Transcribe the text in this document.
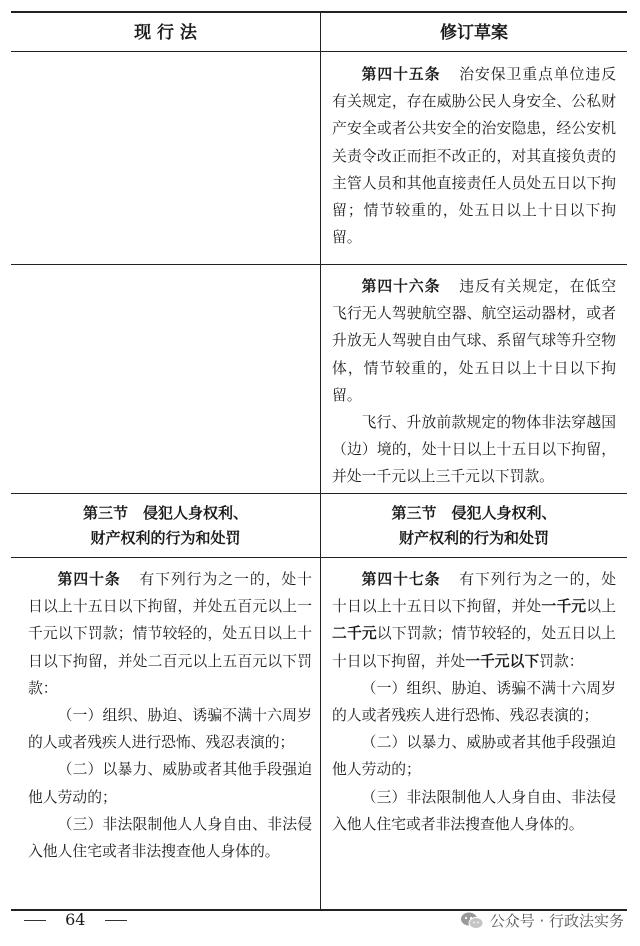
现 行 法	修订草案

第四十五条 治安保卫重点单位违反有关规定，存在威胁公民人身安全、公私财产安全或者公共安全的治安隐患，经公安机关责令改正而拒不改正的，对其直接负责的主管人员和其他直接责任人员处五日以下拘留；情节较重的，处五日以上十日以下拘留。

第四十六条 违反有关规定，在低空飞行无人驾驶航空器、航空运动器材，或者升放无人驾驶自由气球、系留气球等升空物体，情节较重的，处五日以上十日以下拘留。

飞行、升放前款规定的物体非法穿越国（边）境的，处十日以上十五日以下拘留，并处一千元以上三千元以下罚款。

第三节　侵犯人身权利、
财产权利的行为和处罚
第三节　侵犯人身权利、
财产权利的行为和处罚

第四十条 有下列行为之一的，处十日以上十五日以下拘留，并处五百元以上一千元以下罚款；情节较轻的，处五日以上十日以下拘留，并处二百元以上五百元以下罚款：

（一）组织、胁迫、诱骗不满十六周岁的人或者残疾人进行恐怖、残忍表演的；

（二）以暴力、威胁或者其他手段强迫他人劳动的；

（三）非法限制他人人身自由、非法侵入他人住宅或者非法搜查他人身体的。

第四十七条 有下列行为之一的，处十日以上十五日以下拘留，并处一千元以上二千元以下罚款；情节较轻的，处五日以上十日以下拘留，并处一千元以下罚款：

（一）组织、胁迫、诱骗不满十六周岁的人或者残疾人进行恐怖、残忍表演的；

（二）以暴力、威胁或者其他手段强迫他人劳动的；

（三）非法限制他人人身自由、非法侵入他人住宅或者非法搜查他人身体的。

64	公众号 · 行政法实务
